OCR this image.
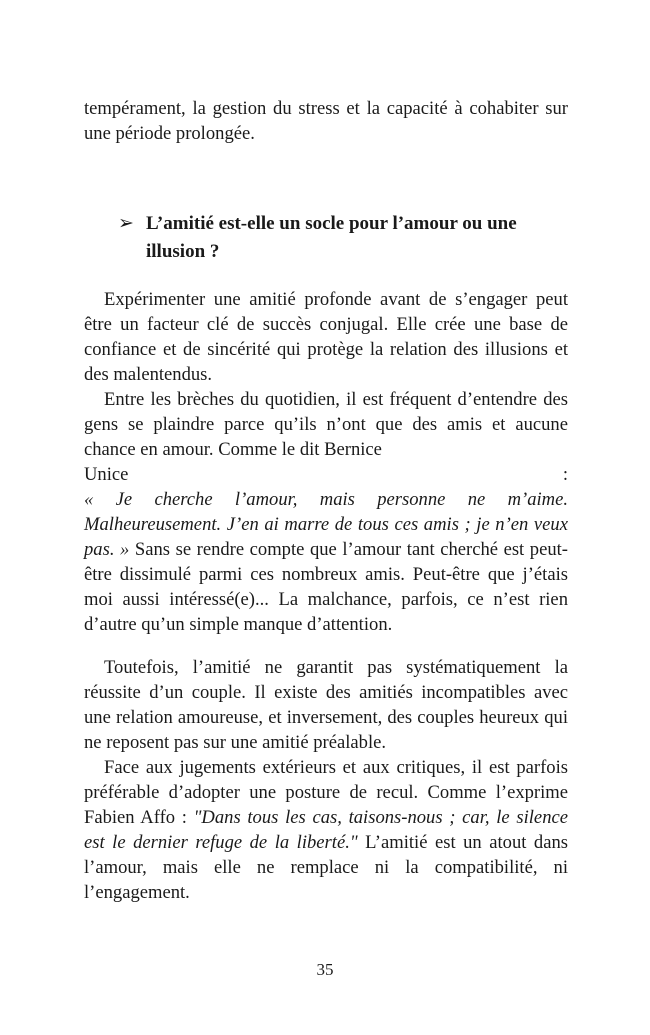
tempérament, la gestion du stress et la capacité à cohabiter sur une période prolongée.

➢ L’amitié est-elle un socle pour l’amour ou une illusion ?

Expérimenter une amitié profonde avant de s’engager peut être un facteur clé de succès conjugal. Elle crée une base de confiance et de sincérité qui protège la relation des illusions et des malentendus.

Entre les brèches du quotidien, il est fréquent d’entendre des gens se plaindre parce qu’ils n’ont que des amis et aucune chance en amour. Comme le dit Bernice

Unice	:

« Je cherche l’amour, mais personne ne m’aime. Malheureusement. J’en ai marre de tous ces amis ; je n’en veux pas. » Sans se rendre compte que l’amour tant cherché est peut-être dissimulé parmi ces nombreux amis. Peut-être que j’étais moi aussi intéressé(e)... La malchance, parfois, ce n’est rien d’autre qu’un simple manque d’attention.

Toutefois, l’amitié ne garantit pas systématiquement la réussite d’un couple. Il existe des amitiés incompatibles avec une relation amoureuse, et inversement, des couples heureux qui ne reposent pas sur une amitié préalable.

Face aux jugements extérieurs et aux critiques, il est parfois préférable d’adopter une posture de recul. Comme l’exprime Fabien Affo : "Dans tous les cas, taisons-nous ; car, le silence est le dernier refuge de la liberté." L’amitié est un atout dans l’amour, mais elle ne remplace ni la compatibilité, ni l’engagement.

35
